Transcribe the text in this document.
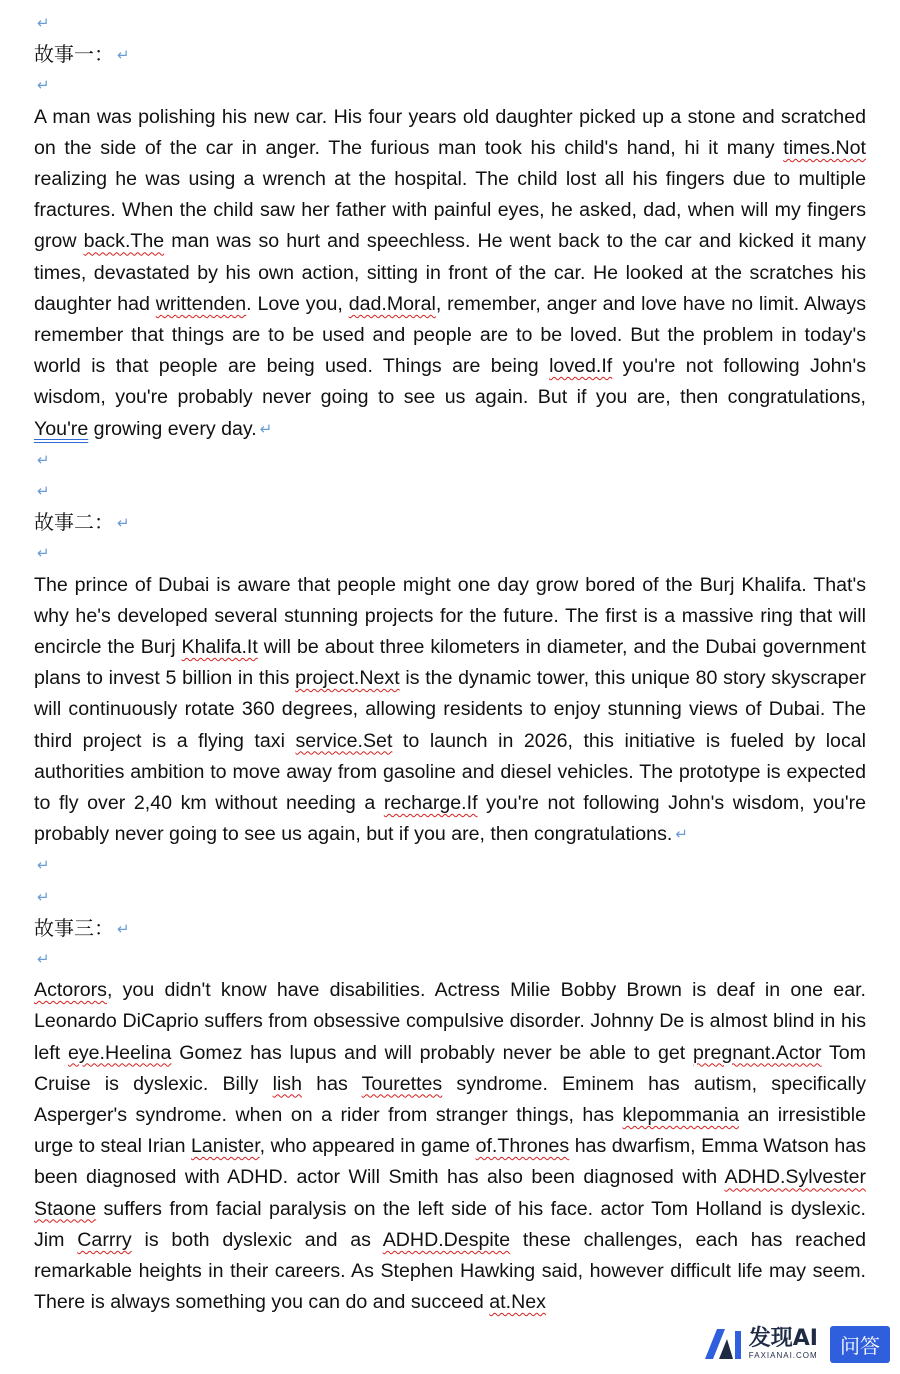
↵
故事一： ↵
↵

A man was polishing his new car. His four years old daughter picked up a stone and scratched on the side of the car in anger. The furious man took his child's hand, hi it many times.Not realizing he was using a wrench at the hospital. The child lost all his fingers due to multiple fractures. When the child saw her father with painful eyes, he asked, dad, when will my fingers grow back.The man was so hurt and speechless. He went back to the car and kicked it many times, devastated by his own action, sitting in front of the car. He looked at the scratches his daughter had writtenden. Love you, dad.Moral, remember, anger and love have no limit. Always remember that things are to be used and people are to be loved. But the problem in today's world is that people are being used. Things are being loved.If you're not following John's wisdom, you're probably never going to see us again. But if you are, then congratulations, You're growing every day. ↵

↵
↵
故事二： ↵
↵

The prince of Dubai is aware that people might one day grow bored of the Burj Khalifa. That's why he's developed several stunning projects for the future. The first is a massive ring that will encircle the Burj Khalifa.It will be about three kilometers in diameter, and the Dubai government plans to invest 5 billion in this project.Next is the dynamic tower, this unique 80 story skyscraper will continuously rotate 360 degrees, allowing residents to enjoy stunning views of Dubai. The third project is a flying taxi service.Set to launch in 2026, this initiative is fueled by local authorities ambition to move away from gasoline and diesel vehicles. The prototype is expected to fly over 2,40 km without needing a recharge.If you're not following John's wisdom, you're probably never going to see us again, but if you are, then congratulations. ↵

↵
↵
故事三： ↵
↵

Actorors, you didn't know have disabilities. Actress Milie Bobby Brown is deaf in one ear. Leonardo DiCaprio suffers from obsessive compulsive disorder. Johnny De is almost blind in his left eye.Heelina Gomez has lupus and will probably never be able to get pregnant.Actor Tom Cruise is dyslexic. Billy lish has Tourettes syndrome. Eminem has autism, specifically Asperger's syndrome. when on a rider from stranger things, has klepommania an irresistible urge to steal Irian Lanister, who appeared in game of.Thrones has dwarfism, Emma Watson has been diagnosed with ADHD. actor Will Smith has also been diagnosed with ADHD.Sylvester Staone suffers from facial paralysis on the left side of his face. actor Tom Holland is dyslexic. Jim Carrry is both dyslexic and as ADHD.Despite these challenges, each has reached remarkable heights in their careers. As Stephen Hawking said, however difficult life may seem. There is always something you can do and succeed at.Nex

发现AI
FAXIANAI.COM	问答
